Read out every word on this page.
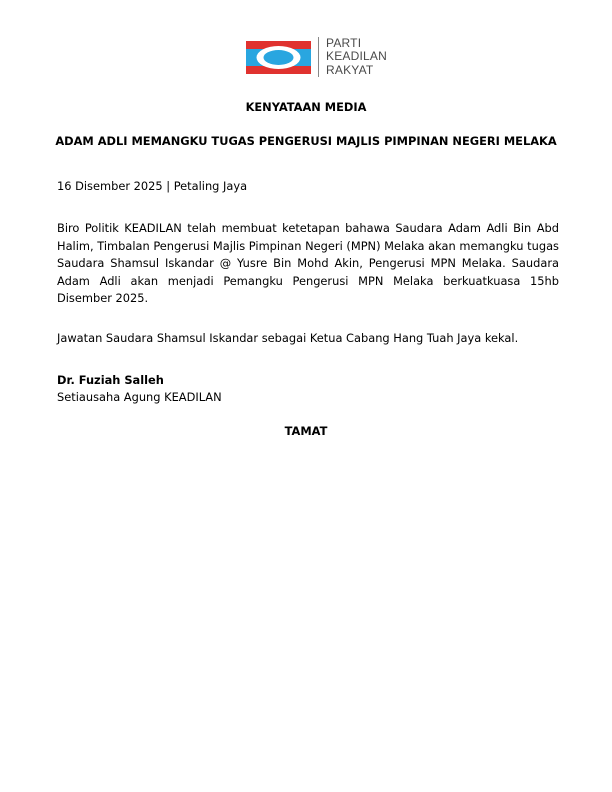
PARTI
KEADILAN
RAKYAT

KENYATAAN MEDIA

ADAM ADLI MEMANGKU TUGAS PENGERUSI MAJLIS PIMPINAN NEGERI MELAKA

16 Disember 2025 | Petaling Jaya

Biro Politik KEADILAN telah membuat ketetapan bahawa Saudara Adam Adli Bin Abd Halim, Timbalan Pengerusi Majlis Pimpinan Negeri (MPN) Melaka akan memangku tugas Saudara Shamsul Iskandar @ Yusre Bin Mohd Akin, Pengerusi MPN Melaka. Saudara Adam Adli akan menjadi Pemangku Pengerusi MPN Melaka berkuatkuasa 15hb Disember 2025.

Jawatan Saudara Shamsul Iskandar sebagai Ketua Cabang Hang Tuah Jaya kekal.

Dr. Fuziah Salleh

Setiausaha Agung KEADILAN

TAMAT
